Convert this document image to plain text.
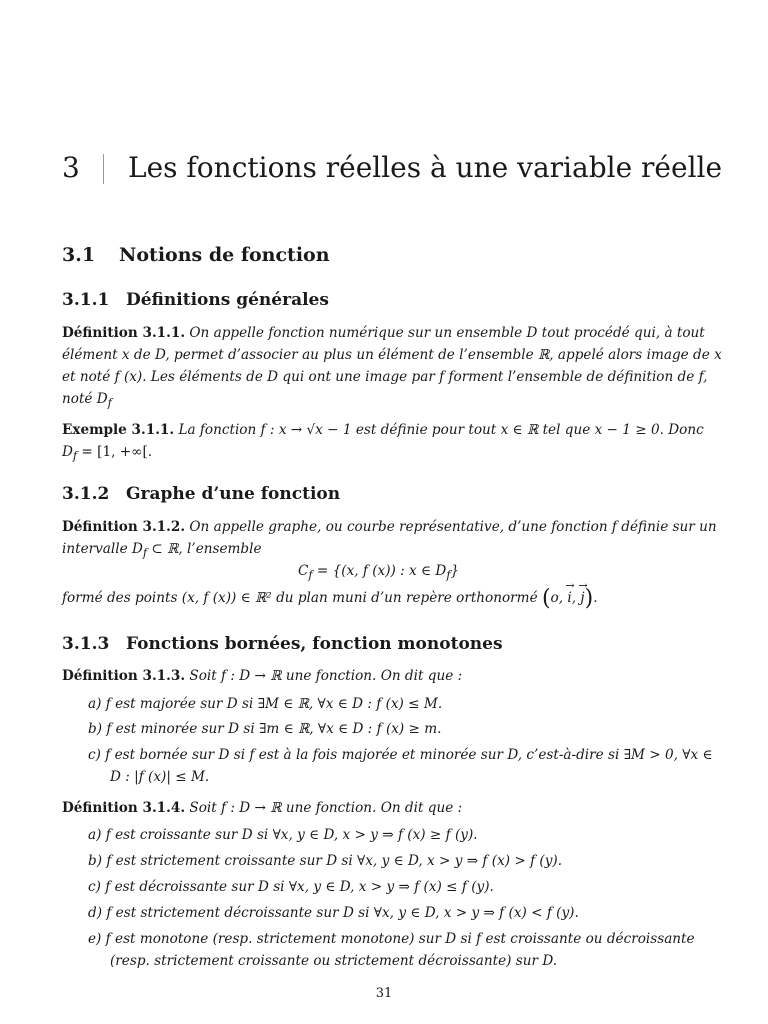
3 Les fonctions réelles à une variable réelle
3.1 Notions de fonction
3.1.1 Définitions générales
Définition 3.1.1. On appelle fonction numérique sur un ensemble D tout procédé qui, à tout
élément x de D, permet d’associer au plus un élément de l’ensemble ℝ, appelé alors image de x
et noté f (x). Les éléments de D qui ont une image par f forment l’ensemble de définition de f,
noté $D_f$
Exemple 3.1.1. La fonction f : x → √x − 1 est définie pour tout x ∈ ℝ tel que x − 1 ≥ 0. Donc
$D_f = [1$, +∞[.
3.1.2 Graphe d’une fonction
Définition 3.1.2. On appelle graphe, ou courbe représentative, d’une fonction f définie sur un
intervalle $D_f$ ⊂ ℝ, l’ensemble
$C_f = \{(x$, f (x)) : x ∈ $D_f$}
formé des points (x, f (x)) ∈ ℝ² du plan muni d’un repère orthonormé (o, → i, → j).
3.1.3 Fonctions bornées, fonction monotones
Définition 3.1.3. Soit f : D → ℝ une fonction. On dit que :
a) f est majorée sur D si ∃M ∈ ℝ, ∀x ∈ D : f (x) ≤ M.
b) f est minorée sur D si ∃m ∈ ℝ, ∀x ∈ D : f (x) ≥ m.
c) f est bornée sur D si f est à la fois majorée et minorée sur D, c’est-à-dire si ∃M > 0, ∀x ∈
D : |f (x)| ≤ M.
Définition 3.1.4. Soit f : D → ℝ une fonction. On dit que :
a) f est croissante sur D si ∀x, y ∈ D, x > y ⇒ f (x) ≥ f (y).
b) f est strictement croissante sur D si ∀x, y ∈ D, x > y ⇒ f (x) > f (y).
c) f est décroissante sur D si ∀x, y ∈ D, x > y ⇒ f (x) ≤ f (y).
d) f est strictement décroissante sur D si ∀x, y ∈ D, x > y ⇒ f (x) < f (y).
e) f est monotone (resp. strictement monotone) sur D si f est croissante ou décroissante
(resp. strictement croissante ou strictement décroissante) sur D.
31
